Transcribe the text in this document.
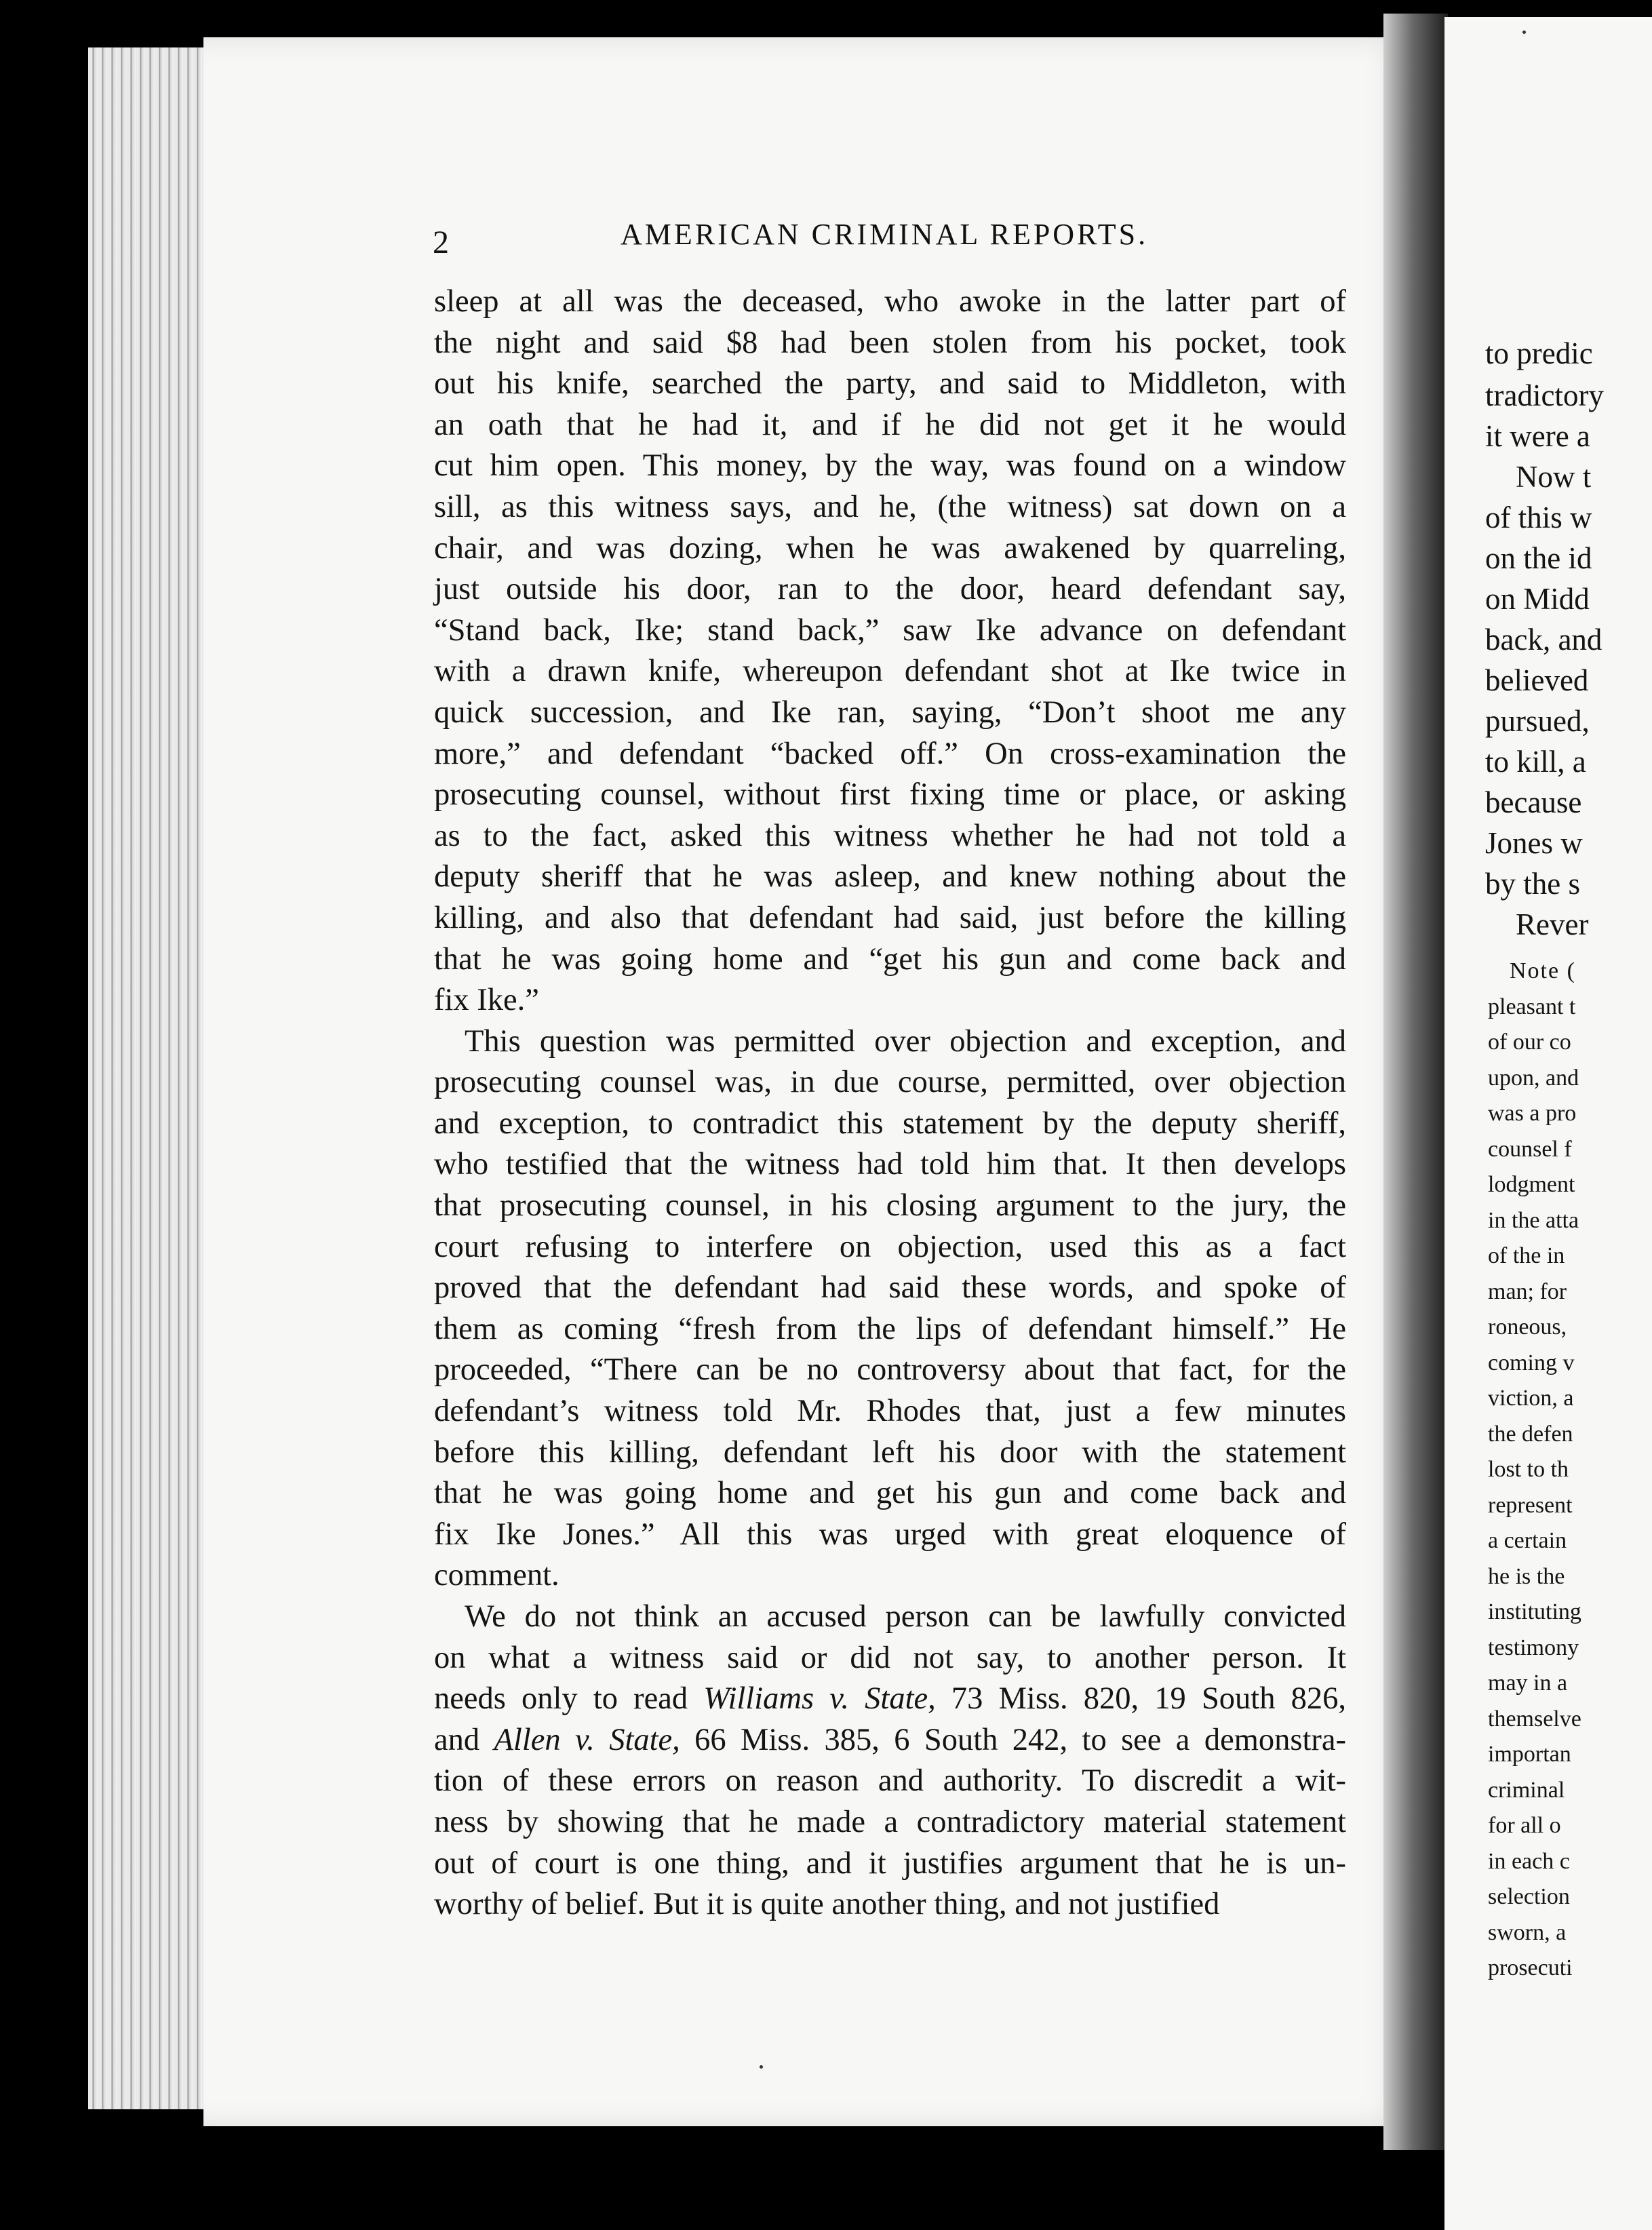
to predic
tradictory
it were a
Now t
of this w
on the id
on Midd
back, and
believed
pursued,
to kill, a
because
Jones w
by the s
Rever
Note (
pleasant t
of our co
upon, and
was a pro
counsel f
lodgment
in the atta
of the in
man; for
roneous,
coming v
viction, a
the defen
lost to th
represent
a certain
he is the
instituting
testimony
may in a
themselve
importan
criminal
for all o
in each c
selection
sworn, a
prosecuti
2	AMERICAN CRIMINAL REPORTS.

sleep at all was the deceased, who awoke in the latter part of
the night and said $8 had been stolen from his pocket, took
out his knife, searched the party, and said to Middleton, with
an oath that he had it, and if he did not get it he would
cut him open. This money, by the way, was found on a window
sill, as this witness says, and he, (the witness) sat down on a
chair, and was dozing, when he was awakened by quarreling,
just outside his door, ran to the door, heard defendant say,
“Stand back, Ike; stand back,” saw Ike advance on defendant
with a drawn knife, whereupon defendant shot at Ike twice in
quick succession, and Ike ran, saying, “Don’t shoot me any
more,” and defendant “backed off.” On cross-examination the
prosecuting counsel, without first fixing time or place, or asking
as to the fact, asked this witness whether he had not told a
deputy sheriff that he was asleep, and knew nothing about the
killing, and also that defendant had said, just before the killing
that he was going home and “get his gun and come back and
fix Ike.”

This question was permitted over objection and exception, and
prosecuting counsel was, in due course, permitted, over objection
and exception, to contradict this statement by the deputy sheriff,
who testified that the witness had told him that. It then develops
that prosecuting counsel, in his closing argument to the jury, the
court refusing to interfere on objection, used this as a fact
proved that the defendant had said these words, and spoke of
them as coming “fresh from the lips of defendant himself.” He
proceeded, “There can be no controversy about that fact, for the
defendant’s witness told Mr. Rhodes that, just a few minutes
before this killing, defendant left his door with the statement
that he was going home and get his gun and come back and
fix Ike Jones.” All this was urged with great eloquence of
comment.

We do not think an accused person can be lawfully convicted
on what a witness said or did not say, to another person. It
needs only to read Williams v. State, 73 Miss. 820, 19 South 826,
and Allen v. State, 66 Miss. 385, 6 South 242, to see a demonstra-
tion of these errors on reason and authority. To discredit a wit-
ness by showing that he made a contradictory material statement
out of court is one thing, and it justifies argument that he is un-
worthy of belief. But it is quite another thing, and not justified
